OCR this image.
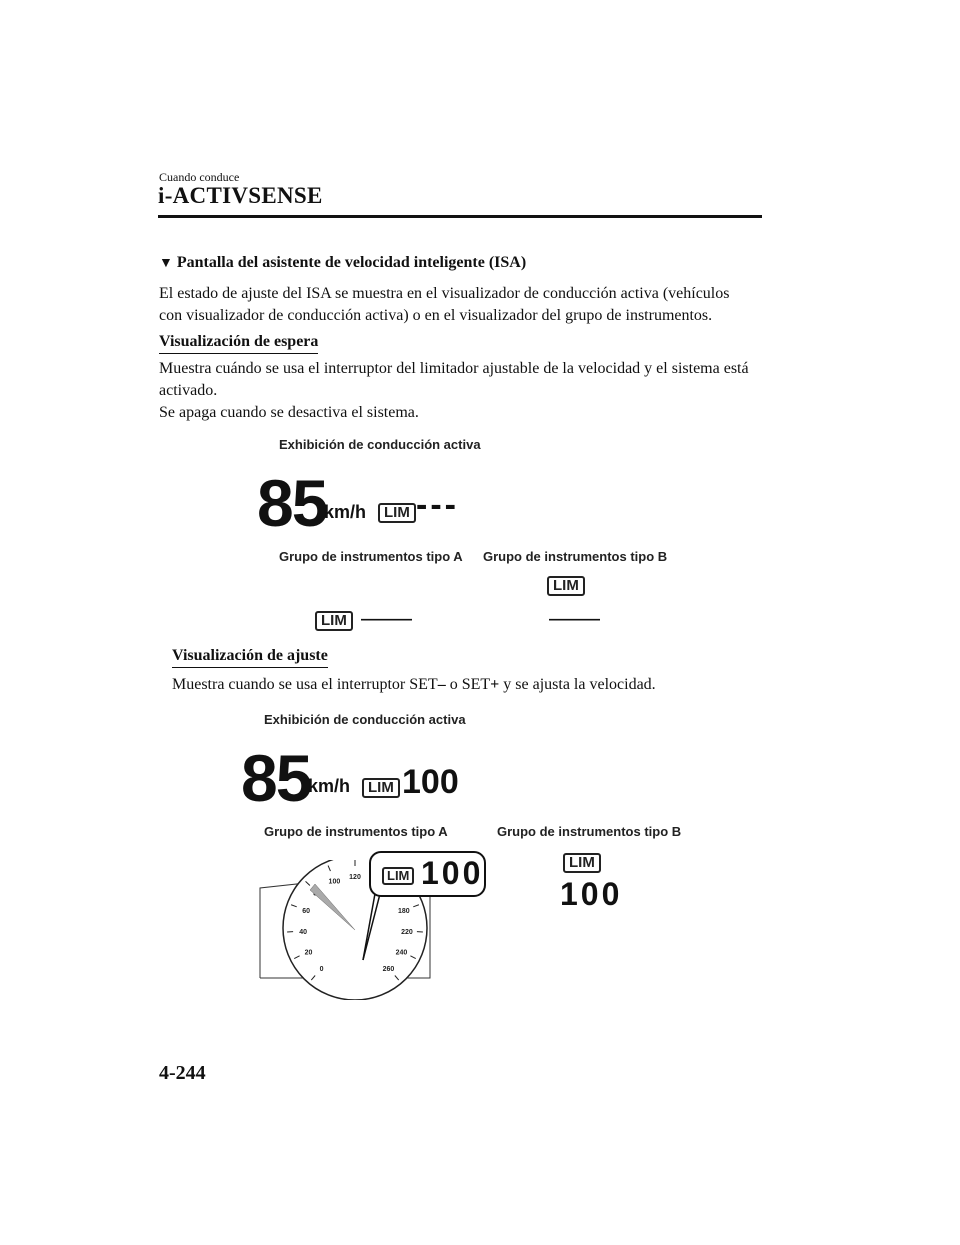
Cuando conduce
i-ACTIVSENSE
▼ Pantalla del asistente de velocidad inteligente (ISA)
El estado de ajuste del ISA se muestra en el visualizador de conducción activa (vehículos
con visualizador de conducción activa) o en el visualizador del grupo de instrumentos.
Visualización de espera
Muestra cuándo se usa el interruptor del limitador ajustable de la velocidad y el sistema está
activado.
Se apaga cuando se desactiva el sistema.
Exhibición de conducción activa
85
km/h	LIM ---
Grupo de instrumentos tipo A Grupo de instrumentos tipo B
LIM
LIM ———	———
Visualización de ajuste
Muestra cuando se usa el interruptor SET– o SET+ y se ajusta la velocidad.
Exhibición de conducción activa
85
km/h	LIM 100
Grupo de instrumentos tipo A	Grupo de instrumentos tipo B
0
20
40
60
100
120
180
220
240
260
LIM 100	LIM
100
4-244
